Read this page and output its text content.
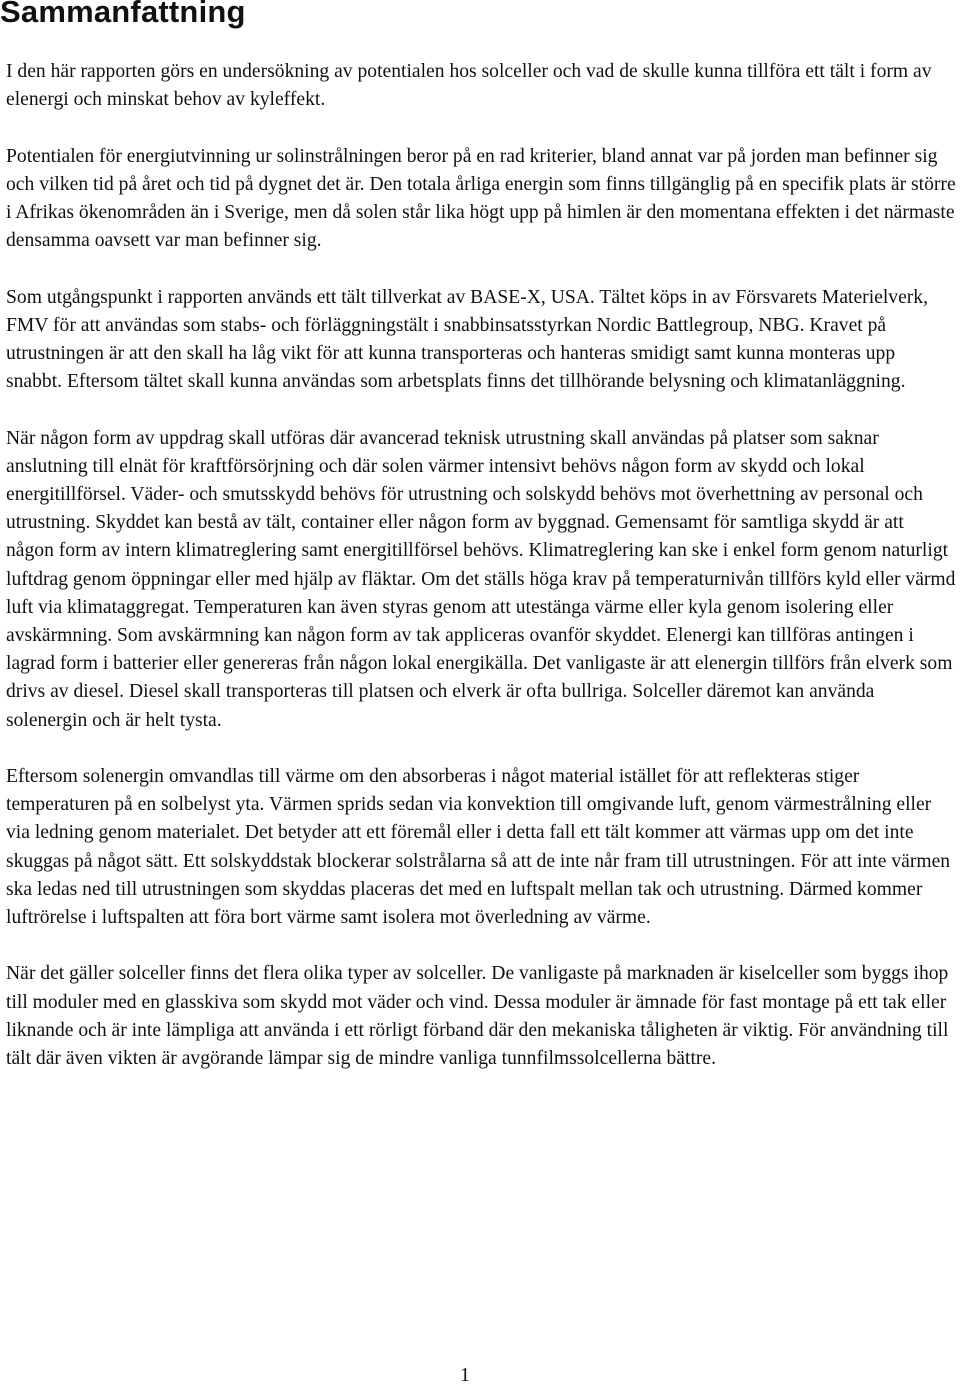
Sammanfattning

I den här rapporten görs en undersökning av potentialen hos solceller och vad de skulle kunna tillföra ett tält i form av elenergi och minskat behov av kyleffekt.

Potentialen för energiutvinning ur solinstrålningen beror på en rad kriterier, bland annat var på jorden man befinner sig och vilken tid på året och tid på dygnet det är. Den totala årliga energin som finns tillgänglig på en specifik plats är större i Afrikas ökenområden än i Sverige, men då solen står lika högt upp på himlen är den momentana effekten i det närmaste densamma oavsett var man befinner sig.

Som utgångspunkt i rapporten används ett tält tillverkat av BASE-X, USA. Tältet köps in av Försvarets Materielverk, FMV för att användas som stabs- och förläggningstält i snabbinsatsstyrkan Nordic Battlegroup, NBG. Kravet på utrustningen är att den skall ha låg vikt för att kunna transporteras och hanteras smidigt samt kunna monteras upp snabbt. Eftersom tältet skall kunna användas som arbetsplats finns det tillhörande belysning och klimatanläggning.

När någon form av uppdrag skall utföras där avancerad teknisk utrustning skall användas på platser som saknar anslutning till elnät för kraftförsörjning och där solen värmer intensivt behövs någon form av skydd och lokal energitillförsel. Väder- och smutsskydd behövs för utrustning och solskydd behövs mot överhettning av personal och utrustning. Skyddet kan bestå av tält, container eller någon form av byggnad. Gemensamt för samtliga skydd är att någon form av intern klimatreglering samt energitillförsel behövs. Klimatreglering kan ske i enkel form genom naturligt luftdrag genom öppningar eller med hjälp av fläktar. Om det ställs höga krav på temperaturnivån tillförs kyld eller värmd luft via klimataggregat. Temperaturen kan även styras genom att utestänga värme eller kyla genom isolering eller avskärmning. Som avskärmning kan någon form av tak appliceras ovanför skyddet. Elenergi kan tillföras antingen i lagrad form i batterier eller genereras från någon lokal energikälla. Det vanligaste är att elenergin tillförs från elverk som drivs av diesel. Diesel skall transporteras till platsen och elverk är ofta bullriga. Solceller däremot kan använda solenergin och är helt tysta.

Eftersom solenergin omvandlas till värme om den absorberas i något material istället för att reflekteras stiger temperaturen på en solbelyst yta. Värmen sprids sedan via konvektion till omgivande luft, genom värmestrålning eller via ledning genom materialet. Det betyder att ett föremål eller i detta fall ett tält kommer att värmas upp om det inte skuggas på något sätt. Ett solskyddstak blockerar solstrålarna så att de inte når fram till utrustningen. För att inte värmen ska ledas ned till utrustningen som skyddas placeras det med en luftspalt mellan tak och utrustning. Därmed kommer luftrörelse i luftspalten att föra bort värme samt isolera mot överledning av värme.

När det gäller solceller finns det flera olika typer av solceller. De vanligaste på marknaden är kiselceller som byggs ihop till moduler med en glasskiva som skydd mot väder och vind. Dessa moduler är ämnade för fast montage på ett tak eller liknande och är inte lämpliga att använda i ett rörligt förband där den mekaniska tåligheten är viktig. För användning till tält där även vikten är avgörande lämpar sig de mindre vanliga tunnfilmssolcellerna bättre.

1
